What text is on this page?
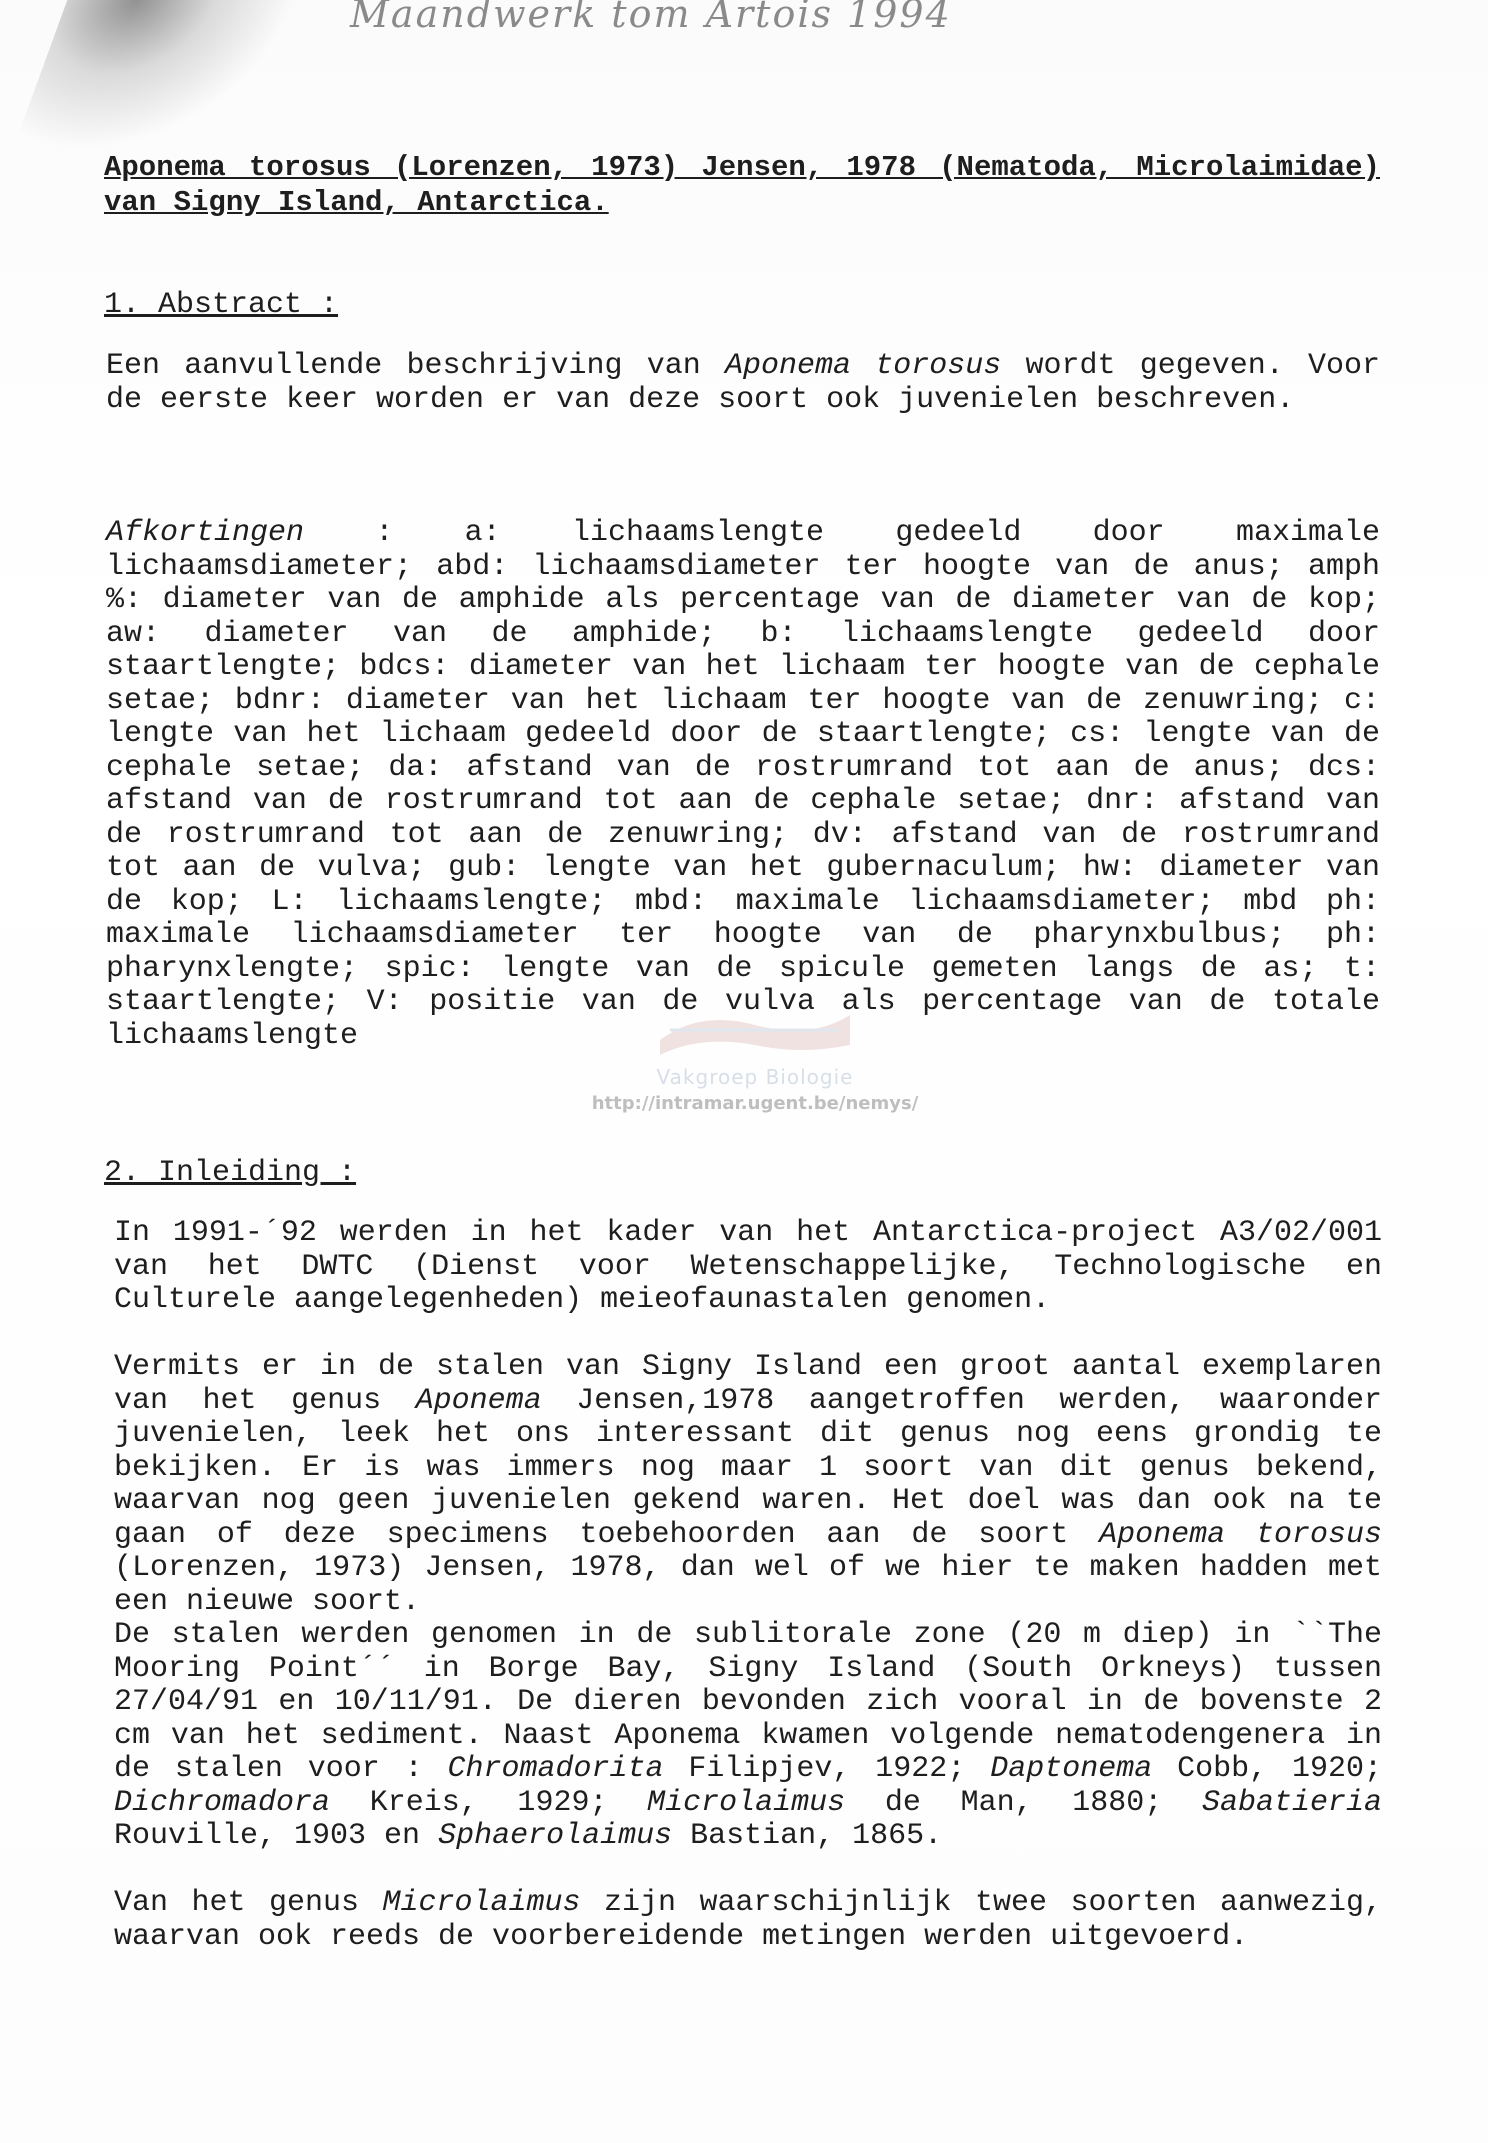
Maandwerk tom Artois 1994
Aponema torosus (Lorenzen, 1973) Jensen, 1978 (Nematoda, Microlaimidae) van Signy Island, Antarctica.
1. Abstract :
Een aanvullende beschrijving van Aponema torosus wordt gegeven. Voor de eerste keer worden er van deze soort ook juvenielen beschreven.
Afkortingen : a: lichaamslengte gedeeld door maximale lichaamsdiameter; abd: lichaamsdiameter ter hoogte van de anus; amph %: diameter van de amphide als percentage van de diameter van de kop; aw: diameter van de amphide; b: lichaamslengte gedeeld door staartlengte; bdcs: diameter van het lichaam ter hoogte van de cephale setae; bdnr: diameter van het lichaam ter hoogte van de zenuwring; c: lengte van het lichaam gedeeld door de staartlengte; cs: lengte van de cephale setae; da: afstand van de rostrumrand tot aan de anus; dcs: afstand van de rostrumrand tot aan de cephale setae; dnr: afstand van de rostrumrand tot aan de zenuwring; dv: afstand van de rostrumrand tot aan de vulva; gub: lengte van het gubernaculum; hw: diameter van de kop; L: lichaamslengte; mbd: maximale lichaamsdiameter; mbd ph: maximale lichaamsdiameter ter hoogte van de pharynxbulbus; ph: pharynxlengte; spic: lengte van de spicule gemeten langs de as; t: staartlengte; V: positie van de vulva als percentage van de totale lichaamslengte
Vakgroep Biologie
http://intramar.ugent.be/nemys/
2. Inleiding :
In 1991-´92 werden in het kader van het Antarctica-project A3/02/001 van het DWTC (Dienst voor Wetenschappelijke, Technologische en Culturele aangelegenheden) meieofaunastalen genomen.
Vermits er in de stalen van Signy Island een groot aantal exemplaren van het genus Aponema Jensen,1978 aangetroffen werden, waaronder juvenielen, leek het ons interessant dit genus nog eens grondig te bekijken. Er is was immers nog maar 1 soort van dit genus bekend, waarvan nog geen juvenielen gekend waren. Het doel was dan ook na te gaan of deze specimens toebehoorden aan de soort Aponema torosus (Lorenzen, 1973) Jensen, 1978, dan wel of we hier te maken hadden met een nieuwe soort.
De stalen werden genomen in de sublitorale zone (20 m diep) in ``The Mooring Point´´ in Borge Bay, Signy Island (South Orkneys) tussen 27/04/91 en 10/11/91. De dieren bevonden zich vooral in de bovenste 2 cm van het sediment. Naast Aponema kwamen volgende nematodengenera in de stalen voor : Chromadorita Filipjev, 1922; Daptonema Cobb, 1920; Dichromadora Kreis, 1929; Microlaimus de Man, 1880; Sabatieria Rouville, 1903 en Sphaerolaimus Bastian, 1865.
Van het genus Microlaimus zijn waarschijnlijk twee soorten aanwezig, waarvan ook reeds de voorbereidende metingen werden uitgevoerd.
